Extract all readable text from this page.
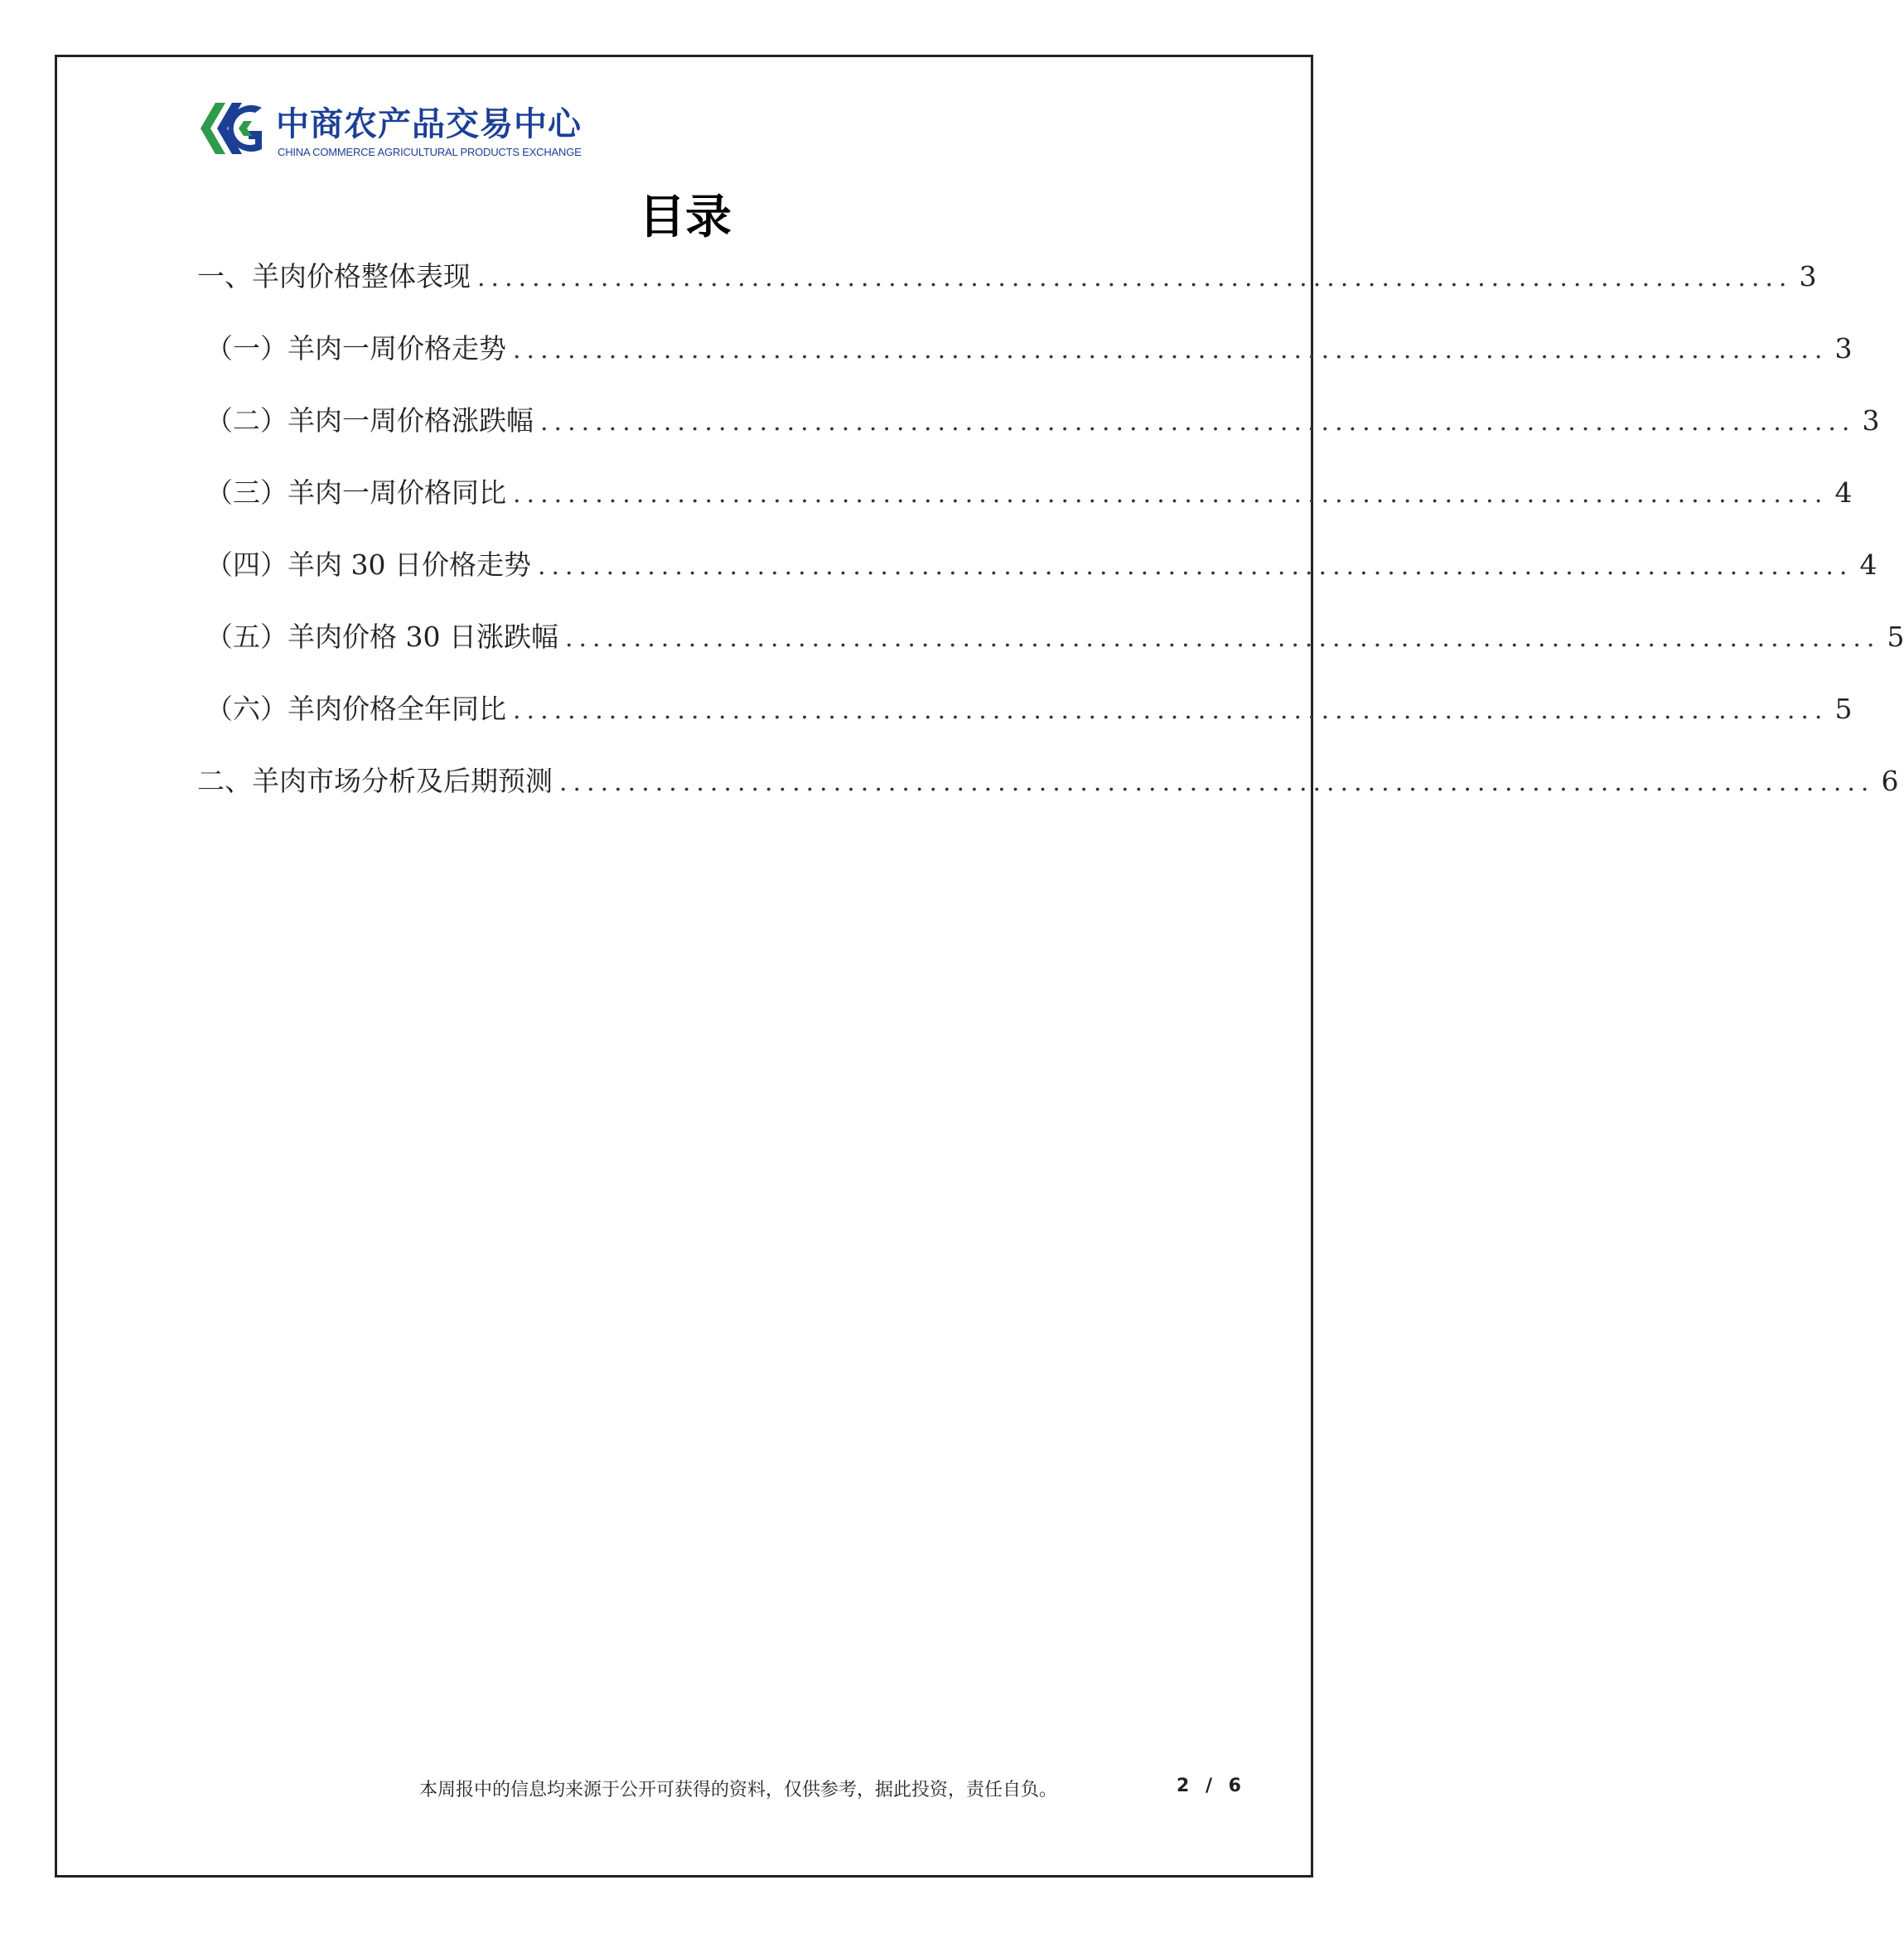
中商农产品交易中心
CHINA COMMERCE AGRICULTURAL PRODUCTS EXCHANGE
目录
一、羊肉价格整体表现 ................................................................................................ 3
（一）羊肉一周价格走势 ................................................................................................ 3
（二）羊肉一周价格涨跌幅 ................................................................................................ 3
（三）羊肉一周价格同比 ................................................................................................ 4
（四）羊肉 30 日价格走势 ................................................................................................ 4
（五）羊肉价格 30 日涨跌幅 ................................................................................................ 5
（六）羊肉价格全年同比 ................................................................................................ 5
二、羊肉市场分析及后期预测 ................................................................................................ 6
本周报中的信息均来源于公开可获得的资料，仅供参考，据此投资，责任自负。	2 / 6
